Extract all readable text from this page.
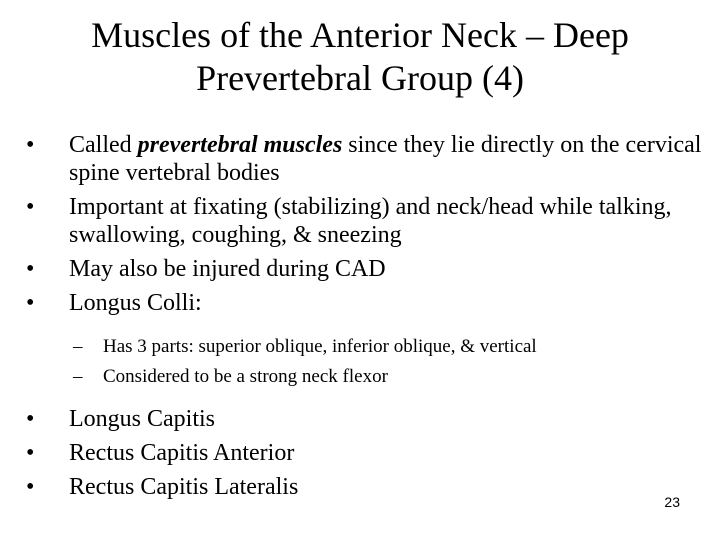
Muscles of the Anterior Neck – Deep
Prevertebral Group (4)
•	Called prevertebral muscles since they lie directly on the cervical spine vertebral bodies
•	Important at fixating (stabilizing) and neck/head while talking, swallowing, coughing, & sneezing
•	May also be injured during CAD
•	Longus Colli:
– Has 3 parts: superior oblique, inferior oblique, & vertical
– Considered to be a strong neck flexor
•	Longus Capitis
•	Rectus Capitis Anterior
•	Rectus Capitis Lateralis
23
